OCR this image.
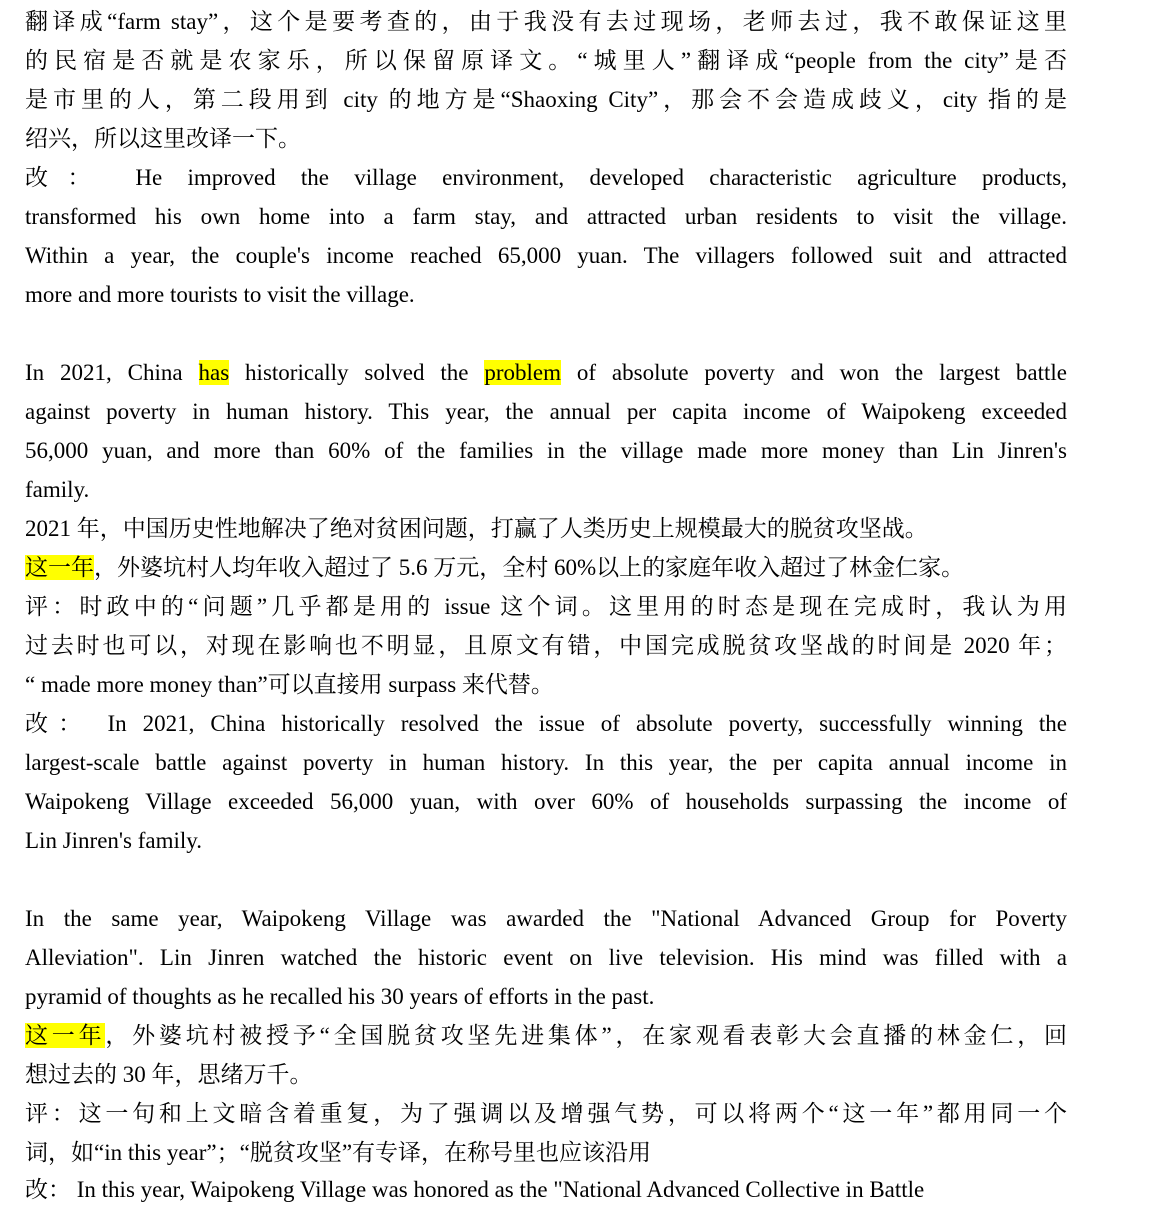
翻译成“farm stay”，这个是要考查的，由于我没有去过现场，老师去过，我不敢保证这里
的民宿是否就是农家乐，所以保留原译文。“城里人”翻译成“people from the city”是否
是市里的人，第二段用到 city 的地方是“Shaoxing City”，那会不会造成歧义，city 指的是
绍兴，所以这里改译一下。
改： He improved the village environment, developed characteristic agriculture products,
transformed his own home into a farm stay, and attracted urban residents to visit the village.
Within a year, the couple's income reached 65,000 yuan. The villagers followed suit and attracted
more and more tourists to visit the village.
In 2021, China has historically solved the problem of absolute poverty and won the largest battle
against poverty in human history. This year, the annual per capita income of Waipokeng exceeded
56,000 yuan, and more than 60% of the families in the village made more money than Lin Jinren's
family.
2021 年，中国历史性地解决了绝对贫困问题，打赢了人类历史上规模最大的脱贫攻坚战。
这一年，外婆坑村人均年收入超过了 5.6 万元，全村 60%以上的家庭年收入超过了林金仁家。
评：时政中的“问题”几乎都是用的 issue 这个词。这里用的时态是现在完成时，我认为用
过去时也可以，对现在影响也不明显，且原文有错，中国完成脱贫攻坚战的时间是 2020 年；
“ made more money than”可以直接用 surpass 来代替。
改： In 2021, China historically resolved the issue of absolute poverty, successfully winning the
largest-scale battle against poverty in human history. In this year, the per capita annual income in
Waipokeng Village exceeded 56,000 yuan, with over 60% of households surpassing the income of
Lin Jinren's family.
In the same year, Waipokeng Village was awarded the "National Advanced Group for Poverty
Alleviation". Lin Jinren watched the historic event on live television. His mind was filled with a
pyramid of thoughts as he recalled his 30 years of efforts in the past.
这一年，外婆坑村被授予“全国脱贫攻坚先进集体”，在家观看表彰大会直播的林金仁，回
想过去的 30 年，思绪万千。
评：这一句和上文暗含着重复，为了强调以及增强气势，可以将两个“这一年”都用同一个
词，如“in this year”；“脱贫攻坚”有专译，在称号里也应该沿用
改： In this year, Waipokeng Village was honored as the "National Advanced Collective in Battle
